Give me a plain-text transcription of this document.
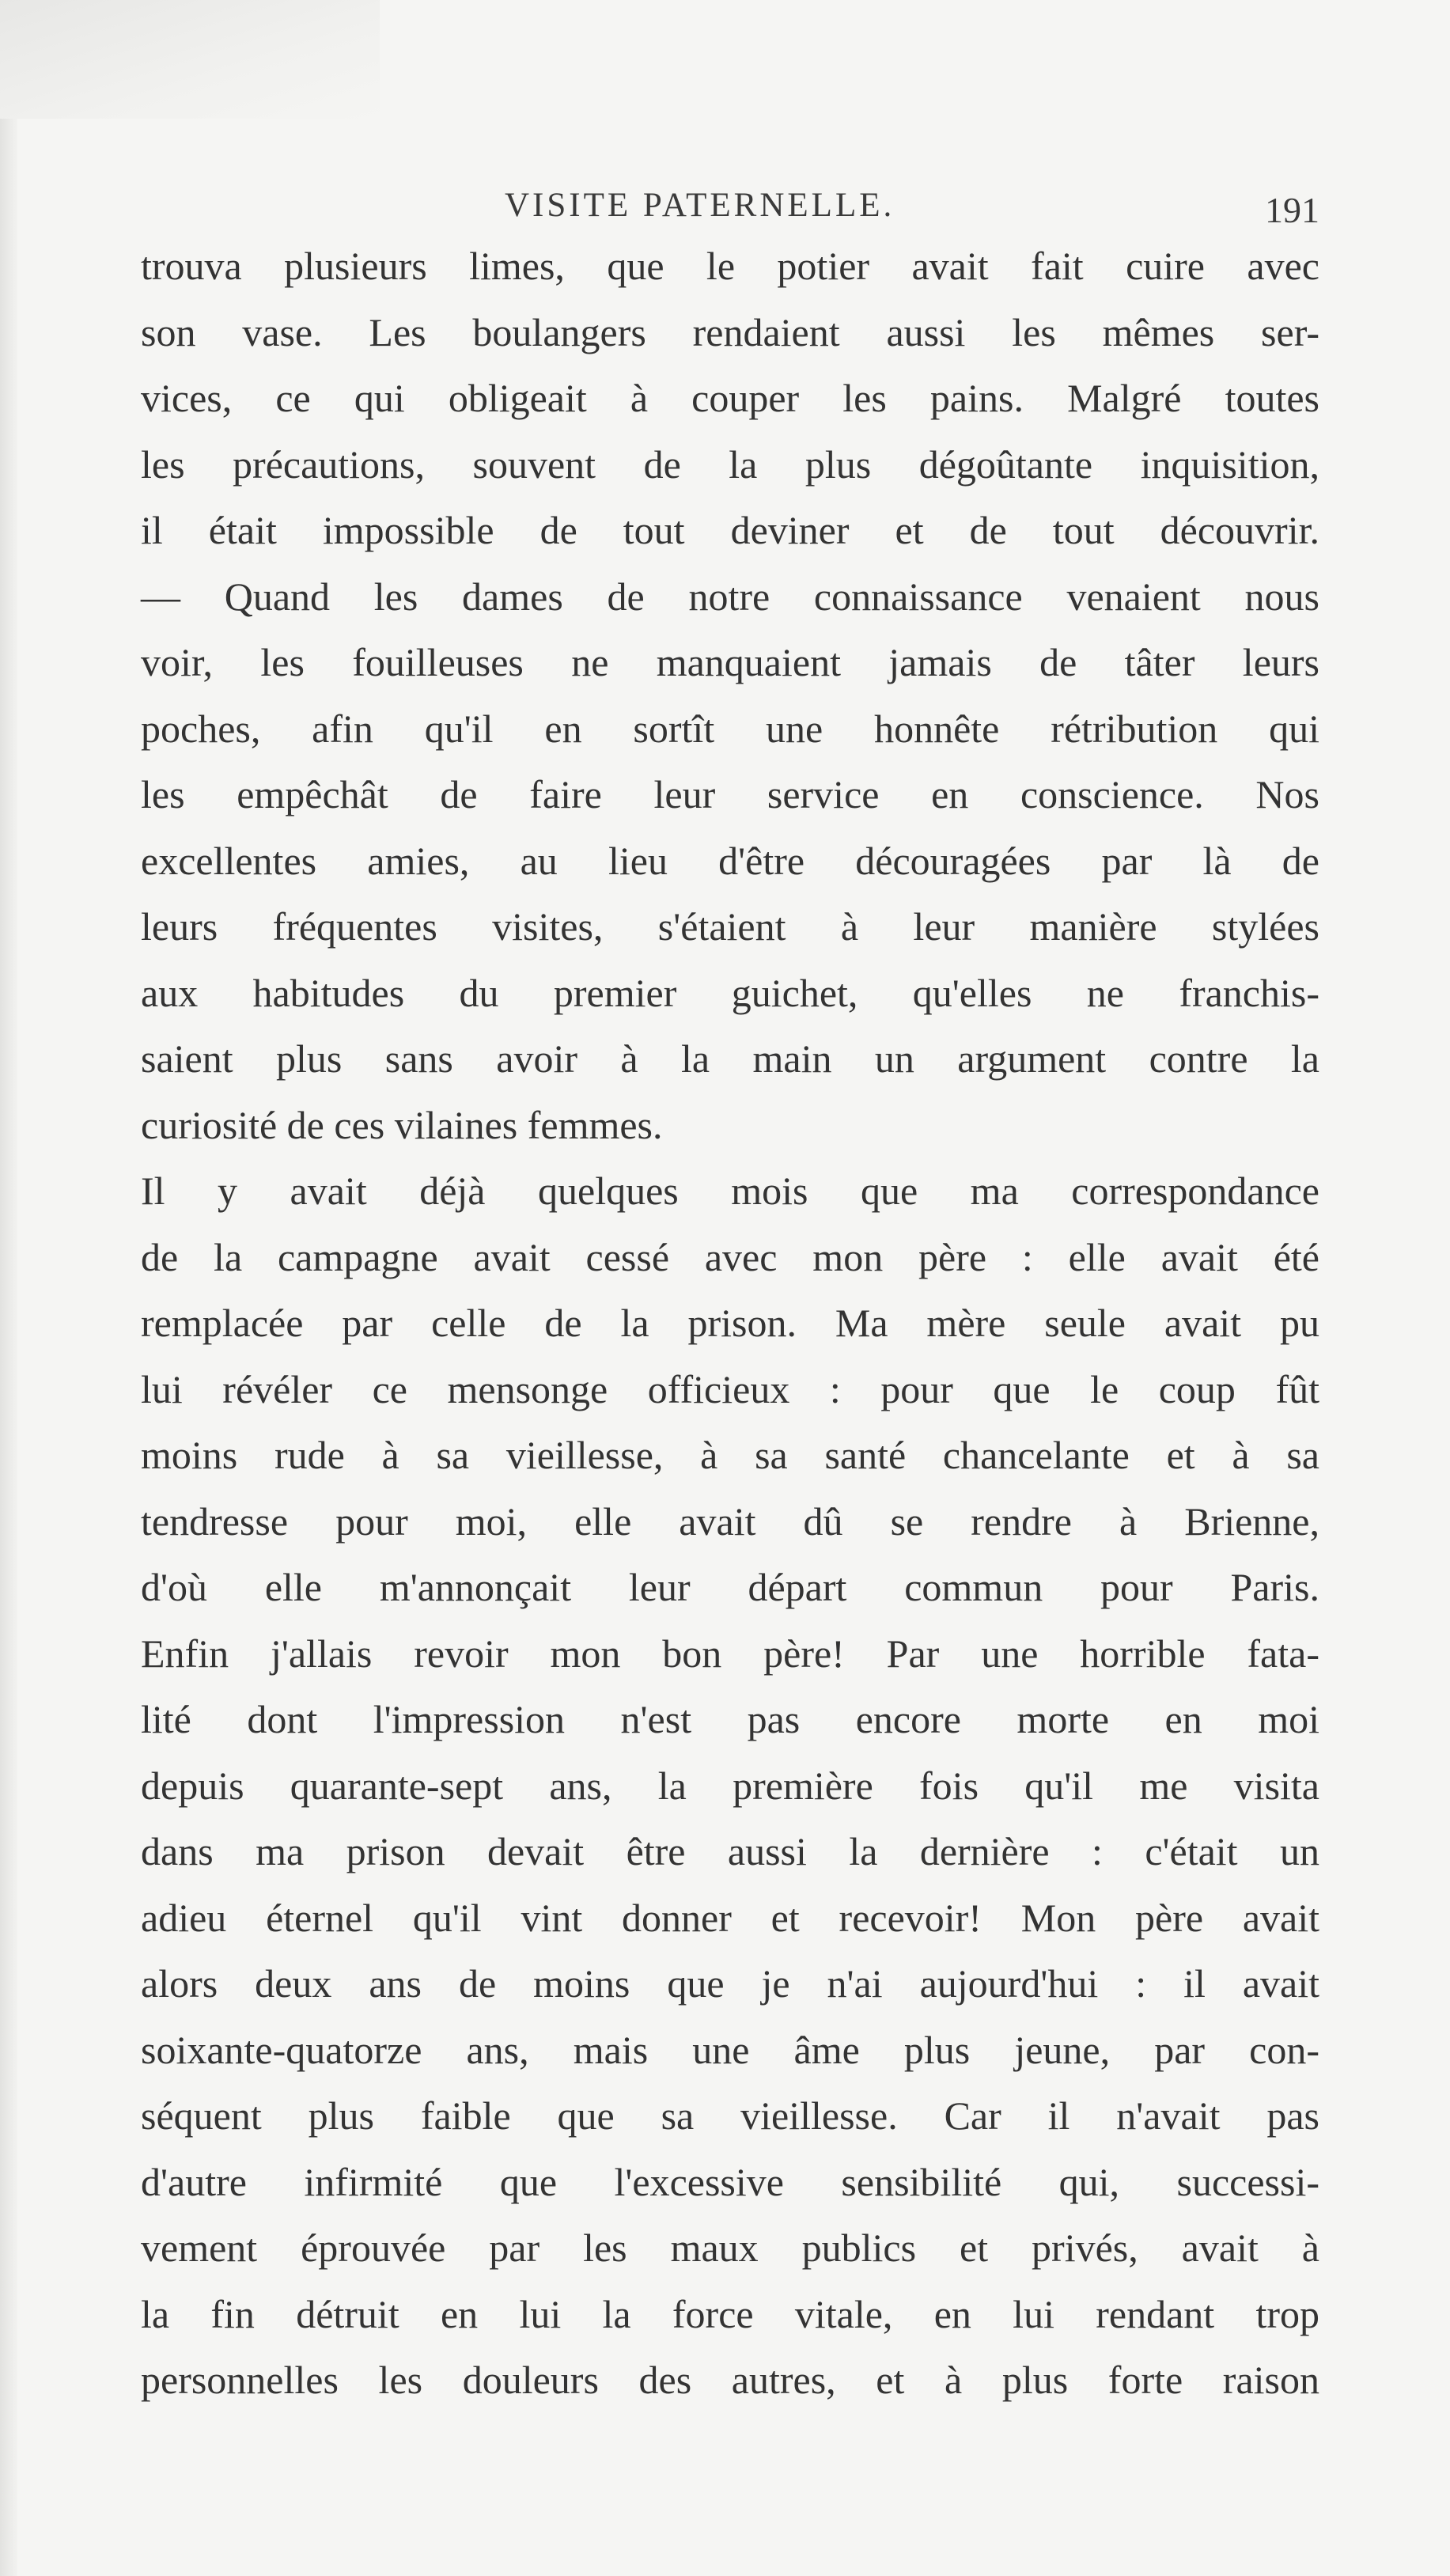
VISITE PATERNELLE.	191
trouva plusieurs limes, que le potier avait fait cuire avec
son vase. Les boulangers rendaient aussi les mêmes ser-
vices, ce qui obligeait à couper les pains. Malgré toutes
les précautions, souvent de la plus dégoûtante inquisition,
il était impossible de tout deviner et de tout découvrir.
— Quand les dames de notre connaissance venaient nous
voir, les fouilleuses ne manquaient jamais de tâter leurs
poches, afin qu'il en sortît une honnête rétribution qui
les empêchât de faire leur service en conscience. Nos
excellentes amies, au lieu d'être découragées par là de
leurs fréquentes visites, s'étaient à leur manière stylées
aux habitudes du premier guichet, qu'elles ne franchis-
saient plus sans avoir à la main un argument contre la
curiosité de ces vilaines femmes.
Il y avait déjà quelques mois que ma correspondance
de la campagne avait cessé avec mon père : elle avait été
remplacée par celle de la prison. Ma mère seule avait pu
lui révéler ce mensonge officieux : pour que le coup fût
moins rude à sa vieillesse, à sa santé chancelante et à sa
tendresse pour moi, elle avait dû se rendre à Brienne,
d'où elle m'annonçait leur départ commun pour Paris.
Enfin j'allais revoir mon bon père! Par une horrible fata-
lité dont l'impression n'est pas encore morte en moi
depuis quarante-sept ans, la première fois qu'il me visita
dans ma prison devait être aussi la dernière : c'était un
adieu éternel qu'il vint donner et recevoir! Mon père avait
alors deux ans de moins que je n'ai aujourd'hui : il avait
soixante-quatorze ans, mais une âme plus jeune, par con-
séquent plus faible que sa vieillesse. Car il n'avait pas
d'autre infirmité que l'excessive sensibilité qui, successi-
vement éprouvée par les maux publics et privés, avait à
la fin détruit en lui la force vitale, en lui rendant trop
personnelles les douleurs des autres, et à plus forte raison
